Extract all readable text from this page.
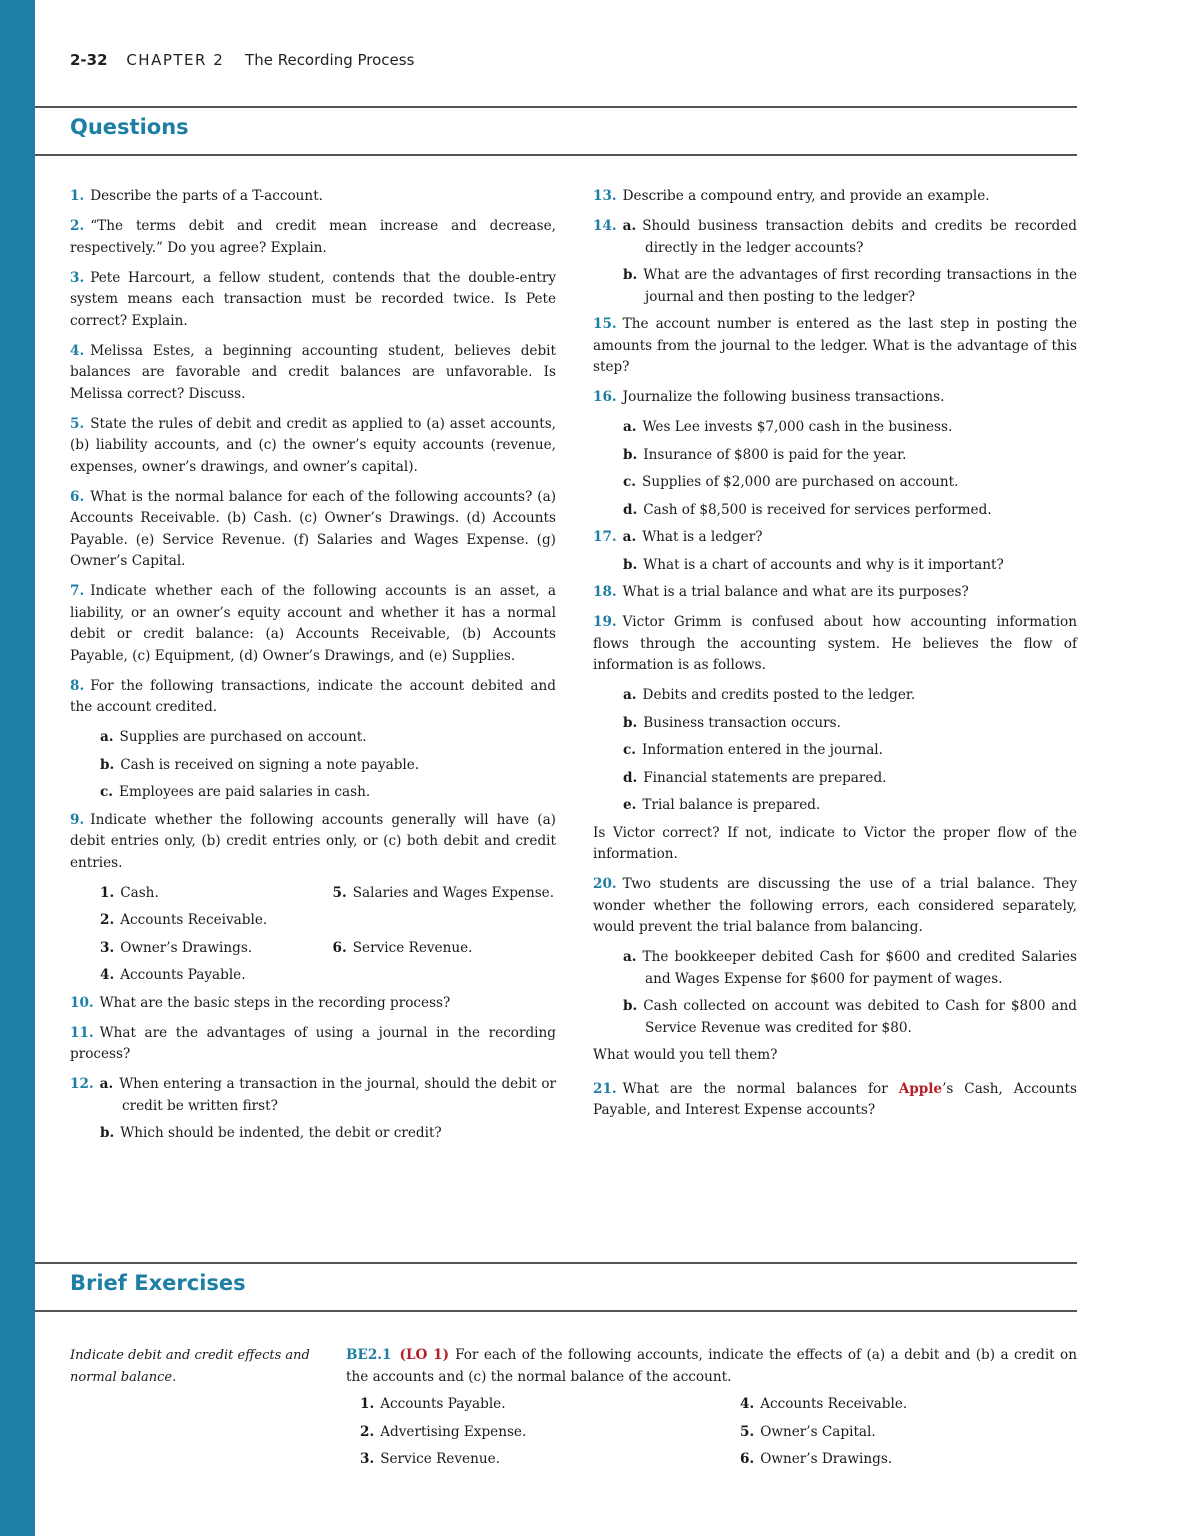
2-32 CHAPTER 2 The Recording Process
Questions

1. Describe the parts of a T-account.

2. “The terms debit and credit mean increase and decrease, respectively.” Do you agree? Explain.

3. Pete Harcourt, a fellow student, contends that the double-entry system means each transaction must be recorded twice. Is Pete correct? Explain.

4. Melissa Estes, a beginning accounting student, believes debit balances are favorable and credit balances are unfavorable. Is Melissa correct? Discuss.

5. State the rules of debit and credit as applied to (a) asset accounts, (b) liability accounts, and (c) the owner’s equity accounts (revenue, expenses, owner’s drawings, and owner’s capital).

6. What is the normal balance for each of the following accounts? (a) Accounts Receivable. (b) Cash. (c) Owner’s Drawings. (d) Accounts Payable. (e) Service Revenue. (f) Salaries and Wages Expense. (g) Owner’s Capital.

7. Indicate whether each of the following accounts is an asset, a liability, or an owner’s equity account and whether it has a normal debit or credit balance: (a) Accounts Receivable, (b) Accounts Payable, (c) Equipment, (d) Owner’s Drawings, and (e) Supplies.

8. For the following transactions, indicate the account debited and the account credited.

a. Supplies are purchased on account.

b. Cash is received on signing a note payable.

c. Employees are paid salaries in cash.

9. Indicate whether the following accounts generally will have (a) debit entries only, (b) credit entries only, or (c) both debit and credit entries.

1. Cash.	5. Salaries and Wages Expense.
2. Accounts Receivable.
3. Owner’s Drawings.	6. Service Revenue.
4. Accounts Payable.

10. What are the basic steps in the recording process?

11. What are the advantages of using a journal in the recording process?

12. a. When entering a transaction in the journal, should the debit or credit be written first?

b. Which should be indented, the debit or credit?

13. Describe a compound entry, and provide an example.

14. a. Should business transaction debits and credits be recorded directly in the ledger accounts?

b. What are the advantages of first recording transactions in the journal and then posting to the ledger?

15. The account number is entered as the last step in posting the amounts from the journal to the ledger. What is the advantage of this step?

16. Journalize the following business transactions.

a. Wes Lee invests $7,000 cash in the business.

b. Insurance of $800 is paid for the year.

c. Supplies of $2,000 are purchased on account.

d. Cash of $8,500 is received for services performed.

17. a. What is a ledger?

b. What is a chart of accounts and why is it important?

18. What is a trial balance and what are its purposes?

19. Victor Grimm is confused about how accounting information flows through the accounting system. He believes the flow of information is as follows.

a. Debits and credits posted to the ledger.

b. Business transaction occurs.

c. Information entered in the journal.

d. Financial statements are prepared.

e. Trial balance is prepared.

Is Victor correct? If not, indicate to Victor the proper flow of the information.

20. Two students are discussing the use of a trial balance. They wonder whether the following errors, each considered separately, would prevent the trial balance from balancing.

a. The bookkeeper debited Cash for $600 and credited Salaries and Wages Expense for $600 for payment of wages.

b. Cash collected on account was debited to Cash for $800 and Service Revenue was credited for $80.

What would you tell them?

21. What are the normal balances for Apple’s Cash, Accounts Payable, and Interest Expense accounts?

Brief Exercises
Indicate debit and credit effects and normal balance.
BE2.1 (LO 1) For each of the following accounts, indicate the effects of (a) a debit and (b) a credit on the accounts and (c) the normal balance of the account.
1. Accounts Payable.	4. Accounts Receivable.
2. Advertising Expense.	5. Owner’s Capital.
3. Service Revenue.	6. Owner’s Drawings.
